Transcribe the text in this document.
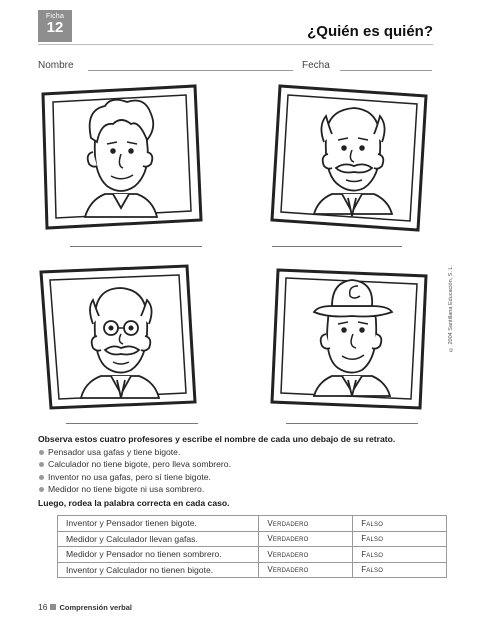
Ficha
12	¿Quién es quién?
Nombre	Fecha
© 2004 Santillana Educación, S. L.

Observa estos cuatro profesores y escribe el nombre de cada uno debajo de su retrato.

Pensador usa gafas y tiene bigote.
Calculador no tiene bigote, pero lleva sombrero.
Inventor no usa gafas, pero sí tiene bigote.
Medidor no tiene bigote ni usa sombrero.

Luego, rodea la palabra correcta en cada caso.

Inventor y Pensador tienen bigote.	Verdadero	Falso
Medidor y Calculador llevan gafas.	Verdadero	Falso
Medidor y Pensador no tienen sombrero.	Verdadero	Falso
Inventor y Calculador no tienen bigote.	Verdadero	Falso
16 Comprensión verbal
